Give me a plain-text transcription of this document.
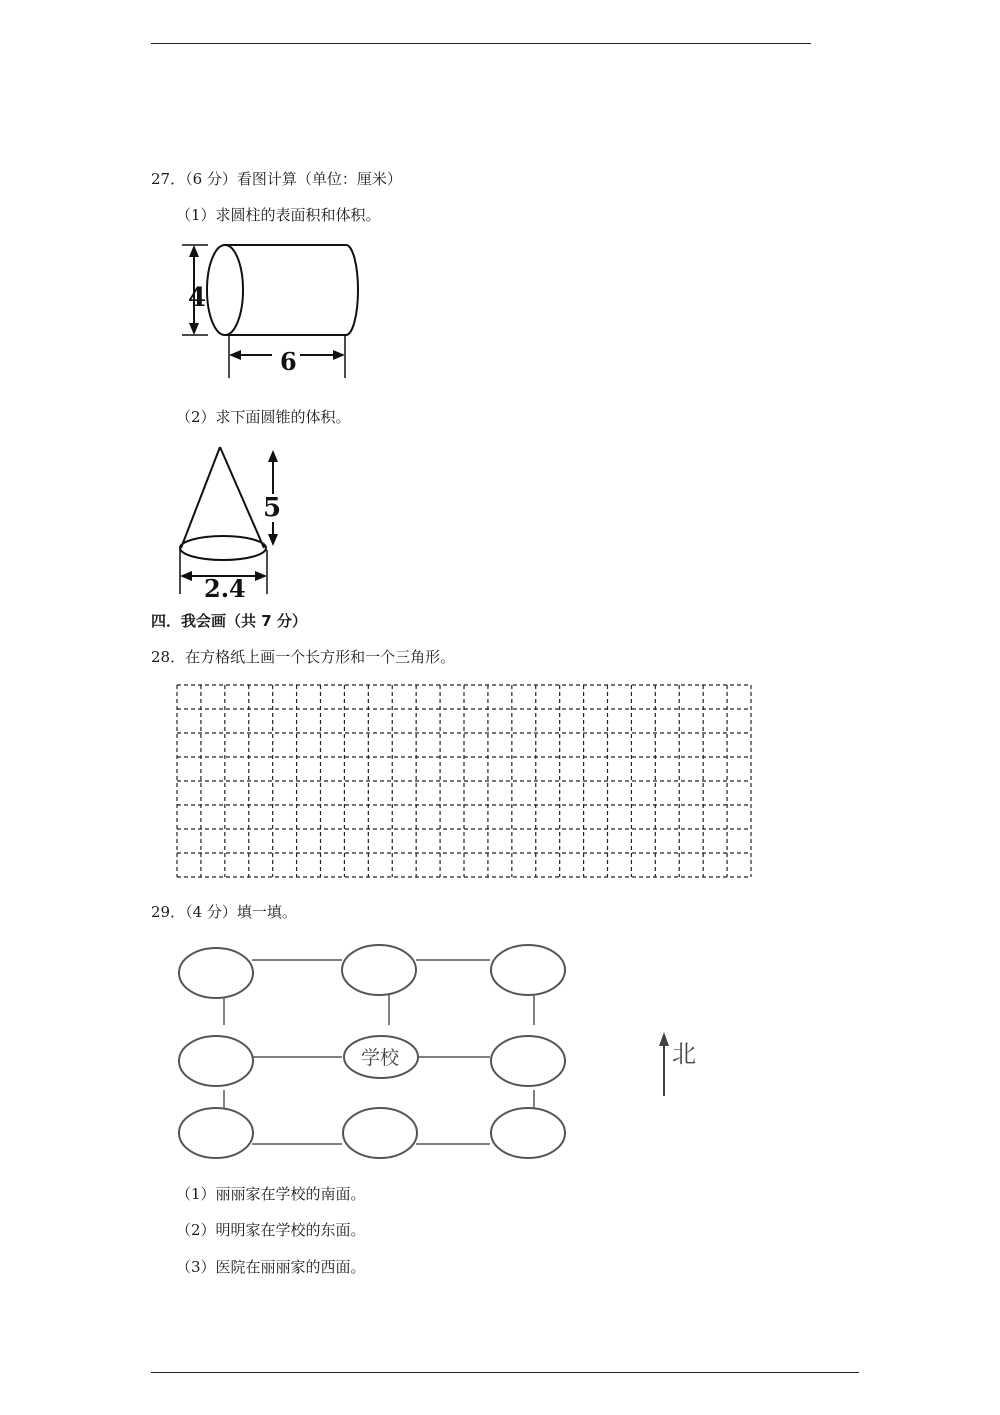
27．（6 分）看图计算（单位：厘米）
（1）求圆柱的表面积和体积。
4
6
（2）求下面圆锥的体积。
5
2.4
四．我会画（共 7 分）
28．在方格纸上画一个长方形和一个三角形。
29．（4 分）填一填。
学校	北
（1）丽丽家在学校的南面。
（2）明明家在学校的东面。
（3）医院在丽丽家的西面。
